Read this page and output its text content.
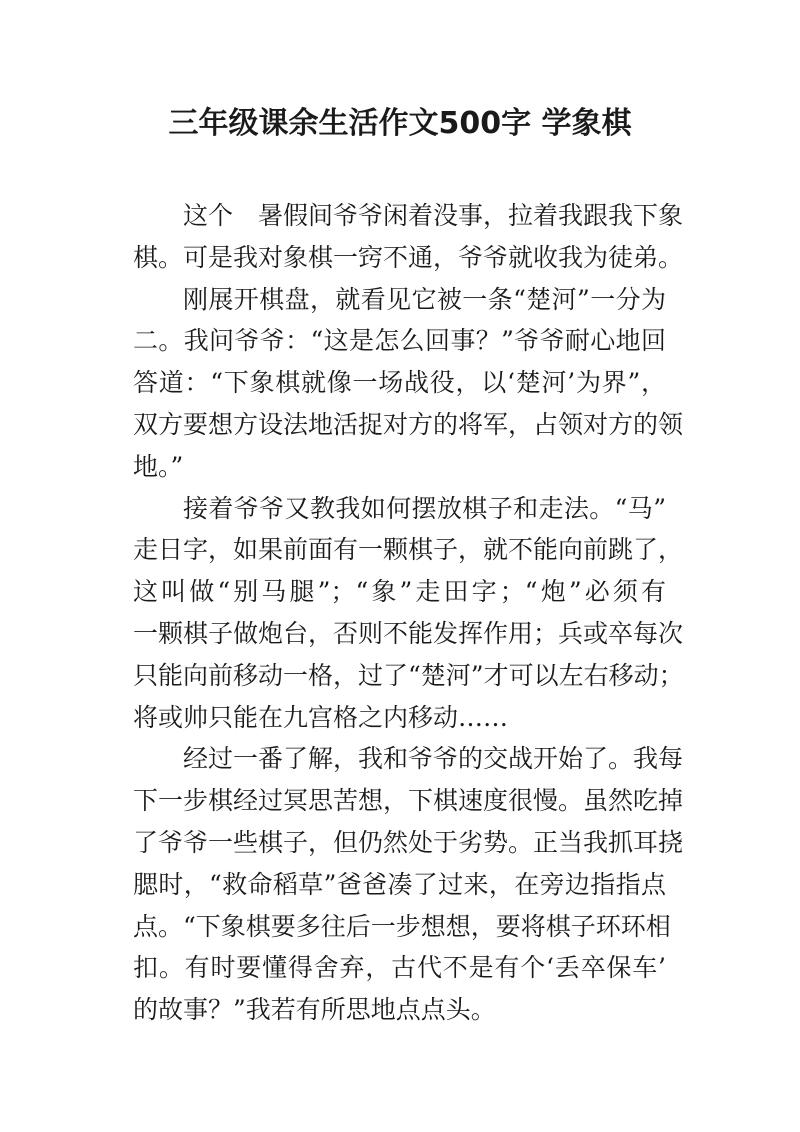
三年级课余生活作文500字 学象棋
这个　暑假间爷爷闲着没事，拉着我跟我下象
棋。可是我对象棋一窍不通，爷爷就收我为徒弟。
刚展开棋盘，就看见它被一条“楚河”一分为
二。我问爷爷：“这是怎么回事？”爷爷耐心地回
答道：“下象棋就像一场战役，以‘楚河’为界”，
双方要想方设法地活捉对方的将军，占领对方的领
地。”
接着爷爷又教我如何摆放棋子和走法。“马”
走日字，如果前面有一颗棋子，就不能向前跳了，
这叫做“别马腿”；“象”走田字；“炮”必须有
一颗棋子做炮台，否则不能发挥作用；兵或卒每次
只能向前移动一格，过了“楚河”才可以左右移动；
将或帅只能在九宫格之内移动……
经过一番了解，我和爷爷的交战开始了。我每
下一步棋经过冥思苦想，下棋速度很慢。虽然吃掉
了爷爷一些棋子，但仍然处于劣势。正当我抓耳挠
腮时，“救命稻草”爸爸凑了过来，在旁边指指点
点。“下象棋要多往后一步想想，要将棋子环环相
扣。有时要懂得舍弃，古代不是有个‘丢卒保车’
的故事？”我若有所思地点点头。
